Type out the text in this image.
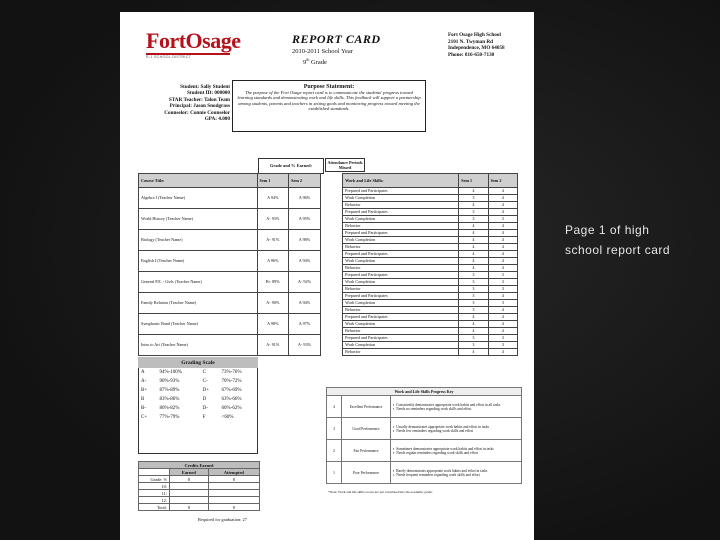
FortOsage
R-1 SCHOOL DISTRICT
REPORT CARD
2010-2011 School Year
9th Grade
Fort Osage High School
2101 N. Twyman Rd
Independence, MO 64058
Phone: 816-650-7130
Student: Sally Student
Student ID: 000000
STAR Teacher: Talon Team
Principal: Jason Snodgrass
Counselor: Connie Counselor
GPA: 4.000
Purpose Statement:
The purpose of the Fort Osage report card is to communicate the students' progress toward learning standards and demonstrating work and life skills. This feedback will support a partnership among students, parents and teachers in setting goals and monitoring progress toward meeting the established standards.
Grade and % Earned:
Attendance Periods Missed
Course Title:	Sem 1	Sem 2		Work and Life Skills:	Sem 1	Sem 2
Algebra I (Teacher Name)	A 94%	A 96%		Prepared and Participates	4	4
				Work Completion	3	4
				Behavior	4	4
World History (Teacher Name)	A- 93%	A 95%		Prepared and Participates	3	4
				Work Completion	3	3
				Behavior	4	4
Biology (Teacher Name)	A- 91%	A 98%		Prepared and Participates	4	4
				Work Completion	4	4
				Behavior	4	4
English I (Teacher Name)	A 96%	A 94%		Prepared and Participates	4	4
				Work Completion	4	4
				Behavior	4	4
General P.E. - Girls (Teacher Name)	B+ 89%	A- 92%		Prepared and Participates	3	3
				Work Completion	3	3
				Behavior	3	3
Family Relation (Teacher Name)	A- 90%	A 94%		Prepared and Participates	3	4
				Work Completion	3	3
				Behavior	3	4
Symphonic Band (Teacher Name)	A 98%	A 97%		Prepared and Participates	4	4
				Work Completion	4	4
				Behavior	4	4
Intro to Art (Teacher Name)	A- 91%	A- 93%		Prepared and Participates	3	3
				Work Completion	3	3
				Behavior	4	4
Grading Scale			
A	94%-100%	C	73%-76%
A-	90%-93%	C-	70%-72%
B+	87%-89%	D+	67%-69%
B	83%-86%	D	63%-66%
B-	80%-82%	D-	60%-62%
C+	77%-79%	F	<60%
Credits Earned		
	Earned	Attempted
Grade: 9:	8	8
10:		
11:		
12:		
Total:	8	8
Required for graduation: 27
Work and Life Skills Progress Key		
4	Excellent Performance	▪ Consistently demonstrates appropriate work habits and effort in all tasks
▪ Needs no reminders regarding work skills and effort

3	Good Performance	▪ Usually demonstrates appropriate work habits and effort in tasks
▪ Needs few reminders regarding work skills and effort

2	Fair Performance	▪ Sometimes demonstrates appropriate work habits and effort in tasks
▪ Needs regular reminders regarding work skills and effort

1	Poor Performance	▪ Rarely demonstrates appropriate work habits and effort in tasks
▪ Needs frequent reminders regarding work skills and effort
*Note: Work and life skills scores are not calculated into the academic grade.
Page 1 of high
school report card
